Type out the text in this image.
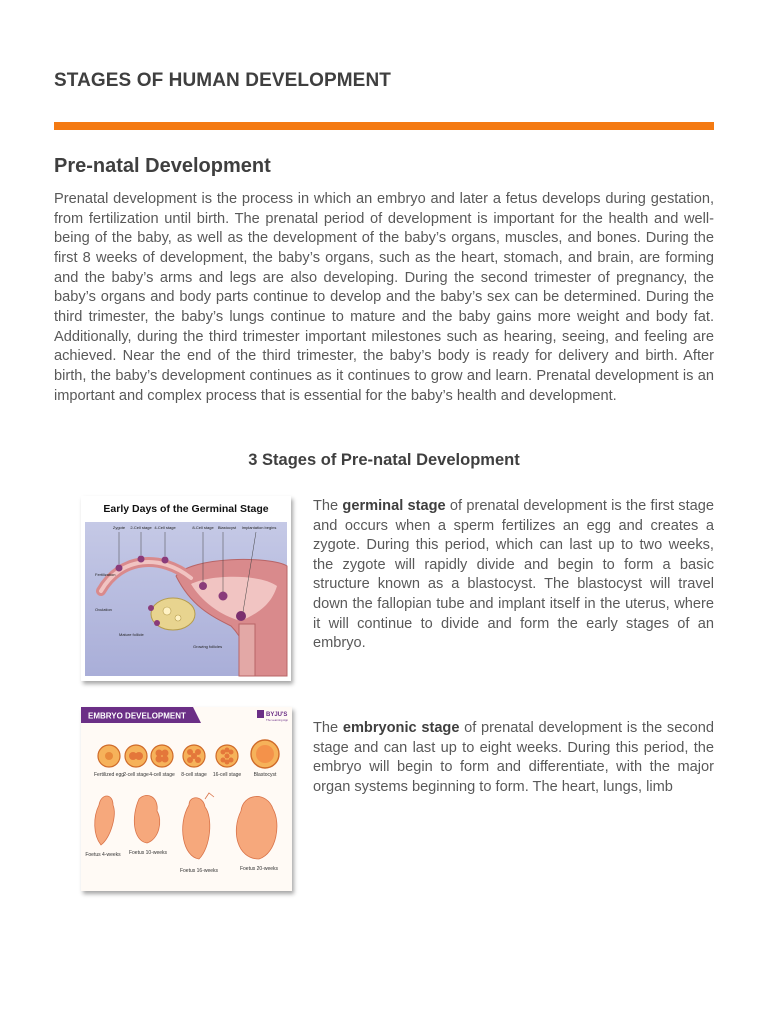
STAGES OF HUMAN DEVELOPMENT
Pre-natal Development

Prenatal development is the process in which an embryo and later a fetus develops during gestation, from fertilization until birth. The prenatal period of development is important for the health and well-being of the baby, as well as the development of the baby’s organs, muscles, and bones. During the first 8 weeks of development, the baby’s organs, such as the heart, stomach, and brain, are forming and the baby’s arms and legs are also developing. During the second trimester of pregnancy, the baby’s organs and body parts continue to develop and the baby’s sex can be determined. During the third trimester, the baby’s lungs continue to mature and the baby gains more weight and body fat. Additionally, during the third trimester important milestones such as hearing, seeing, and feeling are achieved. Near the end of the third trimester, the baby’s body is ready for delivery and birth. After birth, the baby’s development continues as it continues to grow and learn. Prenatal development is an important and complex process that is essential for the baby’s health and development.

3 Stages of Pre-natal Development
Early Days of the Germinal Stage
Zygote 2-Cell stage 4-Cell stage	8-Cell stage Blastocyst Implantation begins
Fertilization
Ovulation
Mature follicle
Growing follicles

The germinal stage of prenatal development is the first stage and occurs when a sperm fertilizes an egg and creates a zygote. During this period, which can last up to two weeks, the zygote will rapidly divide and begin to form a basic structure known as a blastocyst. The blastocyst will travel down the fallopian tube and implant itself in the uterus, where it will continue to divide and form the early stages of an embryo.

EMBRYO DEVELOPMENT	BYJU'S
The Learning App
Fertilized egg 2-cell stage 4-cell stage 8-cell stage 16-cell stage Blastocyst
Foetus 4-weeks Foetus 10-weeks
Foetus 16-weeks	Foetus 20-weeks

The embryonic stage of prenatal development is the second stage and can last up to eight weeks. During this period, the embryo will begin to form and differentiate, with the major organ systems beginning to form. The heart, lungs, limb
